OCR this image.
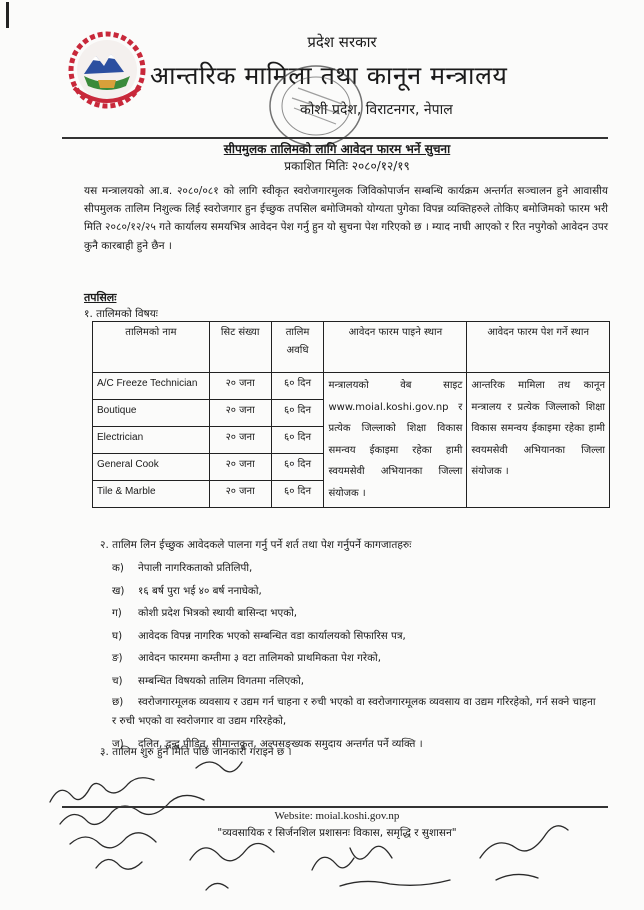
प्रदेश सरकार
आन्तरिक मामिला तथा कानून मन्त्रालय
कोशी प्रदेश, विराटनगर, नेपाल
सीपमुलक तालिमको लागि आवेदन फारम भर्ने सुचना
प्रकाशित मितिः २०८०/१२/१९
यस मन्त्रालयको आ.ब. २०८०/०८१ को लागि स्वीकृत स्वरोजगारमुलक जिविकोपार्जन सम्बन्धि कार्यक्रम अन्तर्गत सञ्चालन हुने आवासीय सीपमुलक तालिम निशुल्क लिई स्वरोजगार हुन ईच्छुक तपसिल बमोजिमको योग्यता पुगेका विपन्न व्यक्तिहरुले तोकिए बमोजिमको फारम भरी मिति २०८०/१२/२५ गते कार्यालय समयभित्र आवेदन पेश गर्नु हुन यो सुचना पेश गरिएको छ । म्याद नाघी आएको र रित नपुगेको आवेदन उपर कुनै कारबाही हुने छैन ।
तपसिलः
१. तालिमको विषयः
तालिमको नाम	सिट संख्या	तालिम अवधि	आवेदन फारम पाइने स्थान	आवेदन फारम पेश गर्ने स्थान
A/C Freeze Technician	२० जना	६० दिन	मन्त्रालयको वेब साइट www.moial.koshi.gov.np र प्रत्येक जिल्लाको शिक्षा विकास समन्वय ईकाइमा रहेका हामी स्वयमसेवी अभियानका जिल्ला संयोजक ।	आन्तरिक मामिला तथ कानून मन्त्रालय र प्रत्येक जिल्लाको शिक्षा विकास समन्वय ईकाइमा रहेका हामी स्वयमसेवी अभियानका जिल्ला संयोजक ।
Boutique	२० जना	६० दिन		
Electrician	२० जना	६० दिन		
General Cook	२० जना	६० दिन		
Tile & Marble	२० जना	६० दिन		
२. तालिम लिन ईच्छुक आवेदकले पालना गर्नु पर्ने शर्त तथा पेश गर्नुपर्ने कागजातहरुः
क) नेपाली नागरिकताको प्रतिलिपी,
ख) १६ बर्ष पुरा भई ४० बर्ष ननाघेको,
ग) कोशी प्रदेश भित्रको स्थायी बासिन्दा भएको,
घ) आवेदक विपन्न नागरिक भएको सम्बन्धित वडा कार्यालयको सिफारिस पत्र,
ङ) आवेदन फारममा कम्तीमा ३ वटा तालिमको प्राथमिकता पेश गरेको,
च) सम्बन्धित विषयको तालिम विगतमा नलिएको,
छ) स्वरोजगारमूलक व्यवसाय र उद्यम गर्न चाहना र रुची भएको वा स्वरोजगारमूलक व्यवसाय वा उद्यम गरिरहेको, गर्न सक्ने चाहना र रुची भएको वा स्वरोजगार वा उद्यम गरिरहेको,
ज) दलित, द्वन्द्व पीडित, सीमान्तकृत, अल्पसङ्ख्यक समुदाय अन्तर्गत पर्ने व्यक्ति ।
३. तालिम शुरु हुने मिति पछि जानकारी गराइने छ ।
Website: moial.koshi.gov.np
"व्यवसायिक र सिर्जनशिल प्रशासनः विकास, समृद्धि र सुशासन"
